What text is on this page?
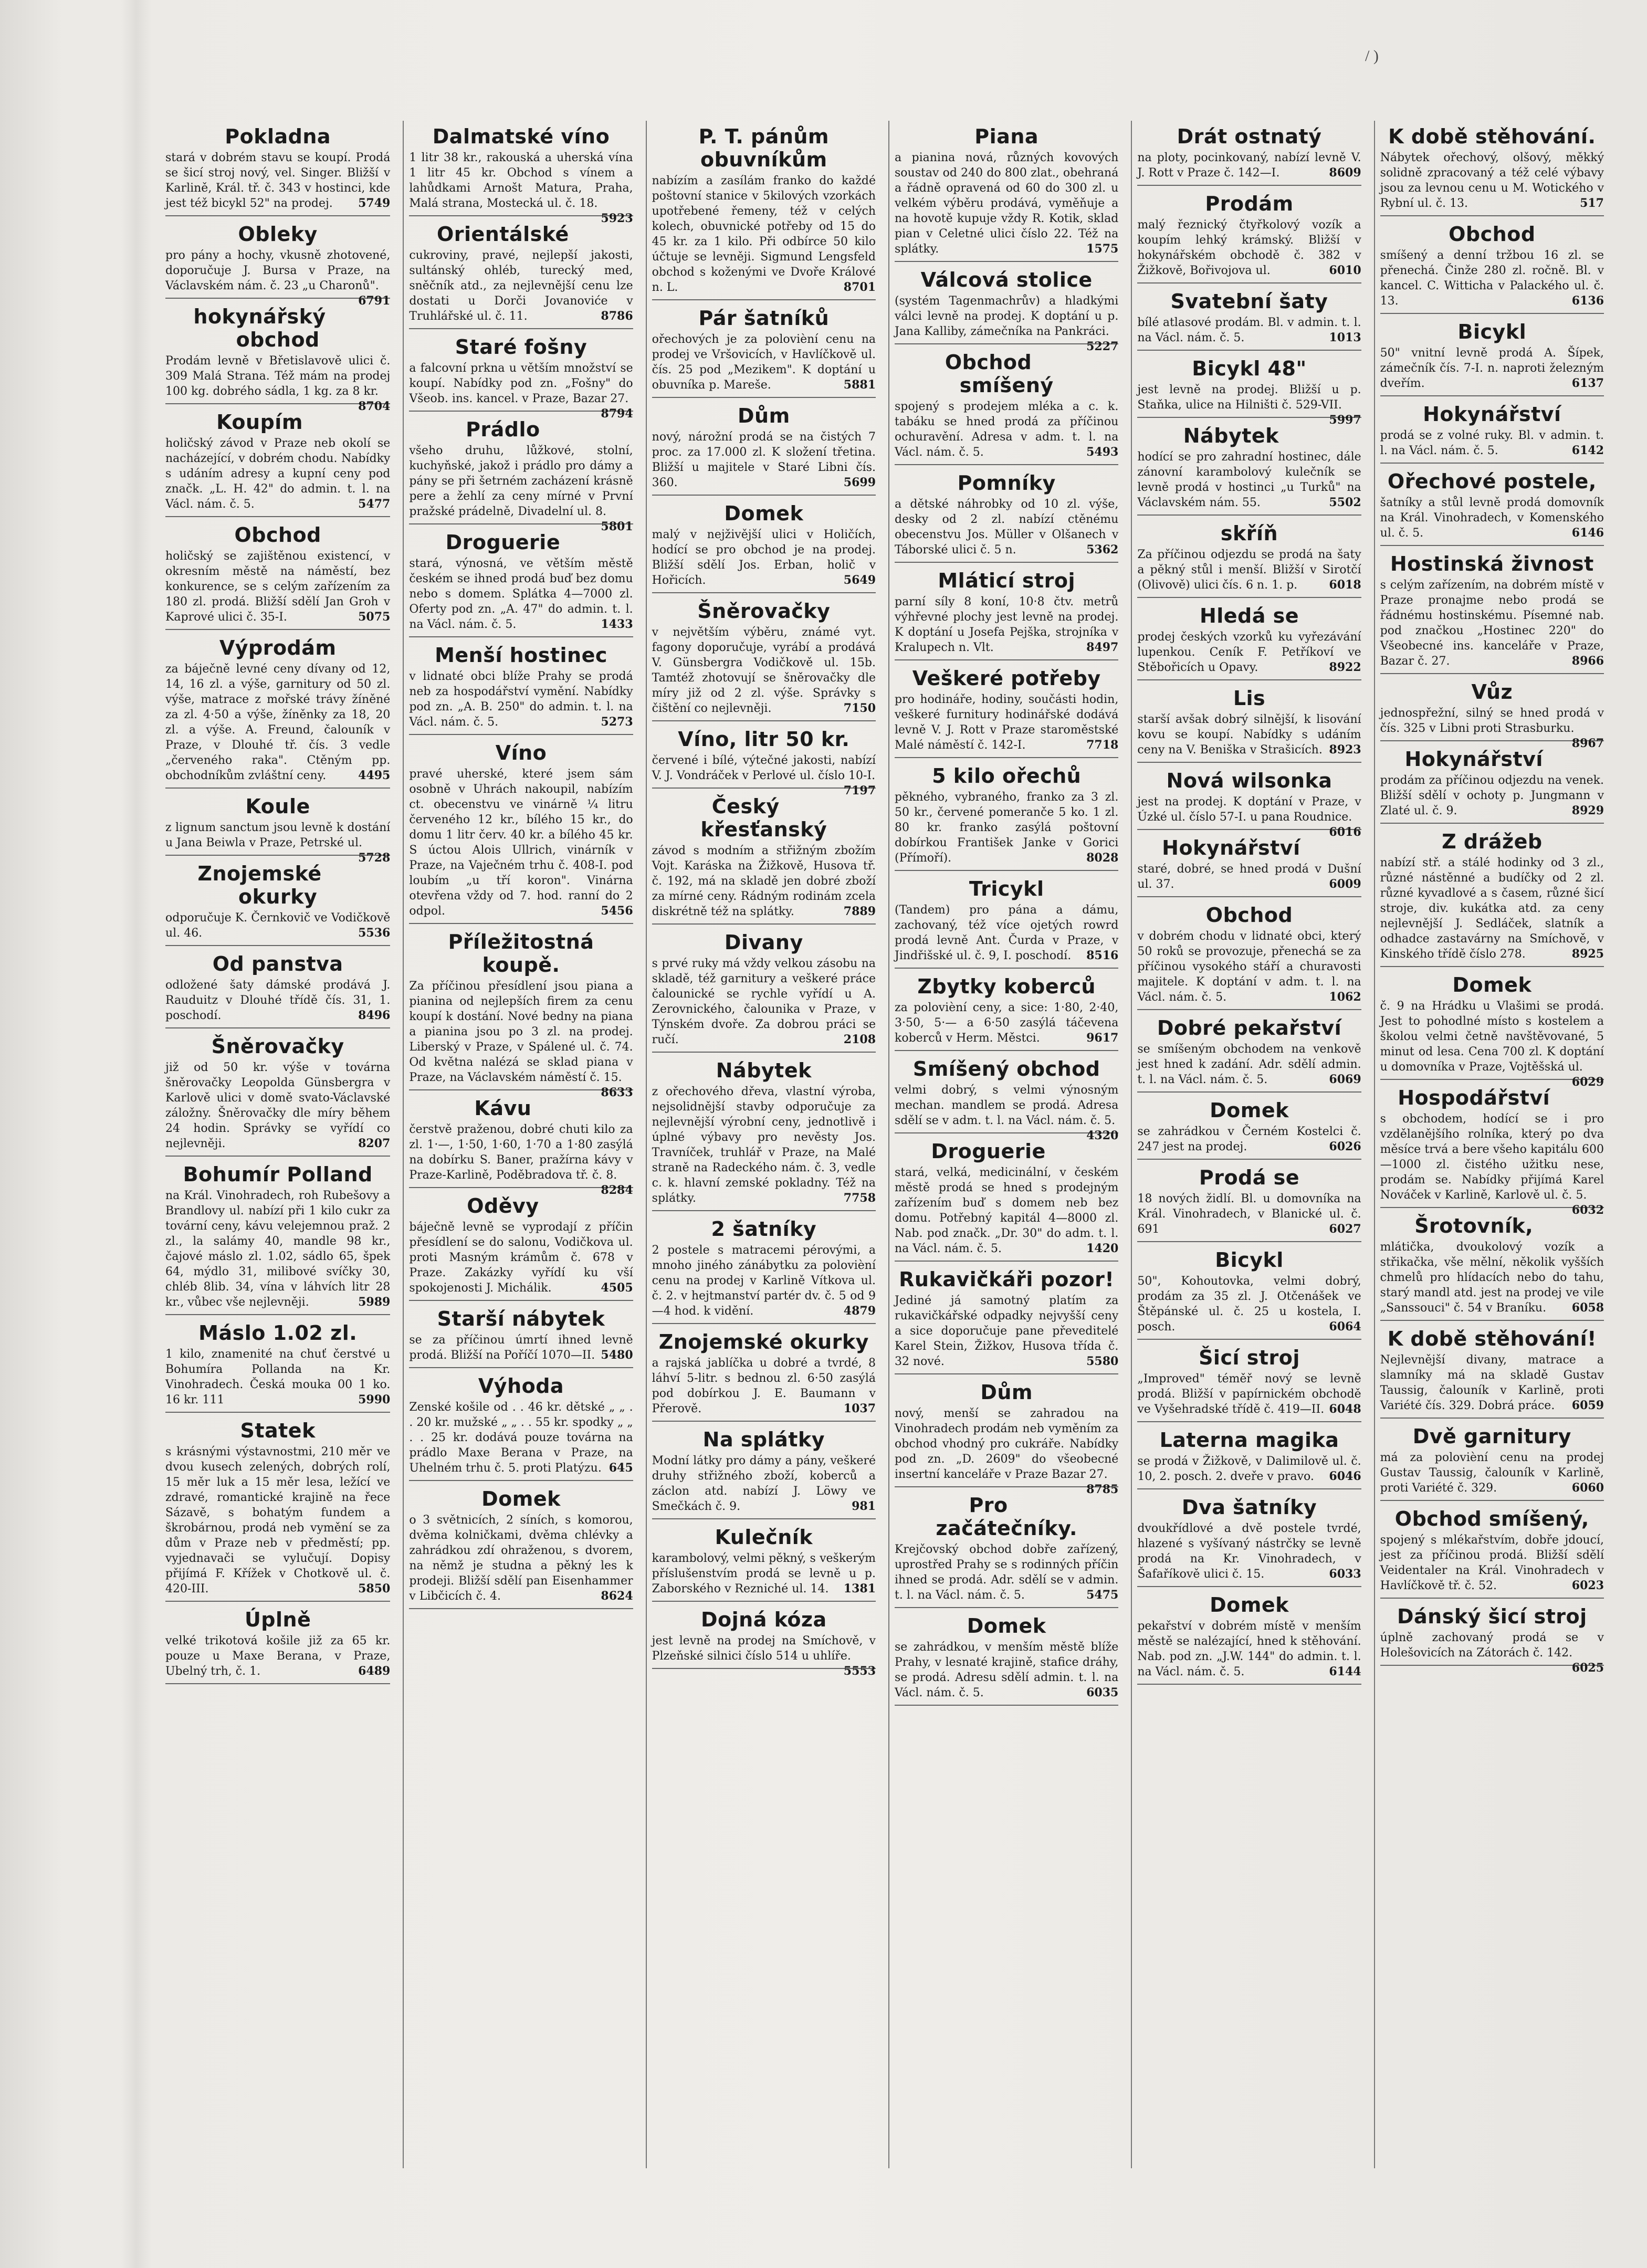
/ )
Pokladna
stará v dobrém stavu se koupí. Prodá se šicí stroj nový, vel. Singer. Bližší v Karlině, Král. tř. č. 343 v hostinci, kde jest též bicykl 52" na prodej. 5749
Obleky
pro pány a hochy, vkusně zhotovené, doporučuje J. Bursa v Praze, na Václavském nám. č. 23 „u Charonů".
6791
hokynářský obchod
Prodám levně v Břetislavově ulici č. 309 Malá Strana. Též mám na prodej 100 kg. dobrého sádla, 1 kg. za 8 kr.
8704
Koupím
holičský závod v Praze neb okolí se nacházející, v dobrém chodu. Nabídky s udáním adresy a kupní ceny pod značk. „L. H. 42" do admin. t. l. na Václ. nám. č. 5.	5477
Obchod
holičský se zajištěnou existencí, v okresním městě na náměstí, bez konkurence, se s celým zařízením za 180 zl. prodá. Bližší sdělí Jan Groh v Kaprové ulici č. 35-I.	5075
Výprodám
za báječně levné ceny dívany od 12, 14, 16 zl. a výše, garnitury od 50 zl. výše, matrace z mořské trávy žíněné za zl. 4·50 a výše, žíněnky za 18, 20 zl. a výše. A. Freund, čalouník v Praze, v Dlouhé tř. čís. 3 vedle „červeného raka". Ctěným pp. obchodníkům zvláštní ceny.	4495
Koule
z lignum sanctum jsou levně k dostání u Jana Beiwla v Praze, Petrské ul.
5728
Znojemské okurky
odporučuje K. Černkovič ve Vodičkově ul. 46.	5536
Od panstva
odložené šaty dámské prodává J. Rauduitz v Dlouhé třídě čís. 31, 1. poschodí.	8496
Šněrovačky
již od 50 kr. výše v továrna šněrovačky Leopolda Günsbergra v Karlově ulici v domě svato-Václavské záložny. Šněrovačky dle míry během 24 hodin. Správky se vyřídí co nejlevněji.	8207
Bohumír Polland
na Král. Vinohradech, roh Rubešovy a Brandlovy ul. nabízí při 1 kilo cukr za tovární ceny, kávu velejemnou praž. 2 zl., la salámy 40, mandle 98 kr., čajové máslo zl. 1.02, sádlo 65, špek 64, mýdlo 31, milibové svíčky 30, chléb 8lib. 34, vína v láhvích litr 28 kr., vůbec vše nejlevněji.	5989
Máslo 1.02 zl.
1 kilo, znamenité na chuť čerstvé u Bohumíra Pollanda na Kr. Vinohradech. Česká mouka 00 1 ko. 16 kr. 111	5990
Statek
s krásnými výstavnostmi, 210 měr ve dvou kusech zelených, dobrých rolí, 15 měr luk a 15 měr lesa, ležící ve zdravé, romantické krajině na řece Sázavě, s bohatým fundem a škrobárnou, prodá neb vymění se za dům v Praze neb v předměstí; pp. vyjednavači se vylučují. Dopisy přijímá F. Křížek v Chotkově ul. č. 420-III.	5850
Úplně
velké trikotová košile již za 65 kr. pouze u Maxe Berana, v Praze, Ubelný trh, č. 1.	6489
Dalmatské víno
1 litr 38 kr., rakouská a uherská vína 1 litr 45 kr. Obchod s vínem a lahůdkami Arnošt Matura, Praha, Malá strana, Mostecká ul. č. 18.
5923
Orientálské
cukroviny, pravé, nejlepší jakosti, sultánský ohléb, turecký med, sněčník atd., za nejlevnější cenu lze dostati u Dorči Jovanoviće v Truhlářské ul. č. 11.	8786
Staré fošny
a falcovní prkna u větším množství se koupí. Nabídky pod zn. „Fošny" do Všeob. ins. kancel. v Praze, Bazar 27.
8794
Prádlo
všeho druhu, lůžkové, stolní, kuchyňské, jakož i prádlo pro dámy a pány se při šetrném zacházení krásně pere a žehlí za ceny mírné v První pražské prádelně, Divadelní ul. 8.
5801
Droguerie
stará, výnosná, ve větším městě českém se ihned prodá buď bez domu nebo s domem. Splátka 4—7000 zl. Oferty pod zn. „A. 47" do admin. t. l. na Václ. nám. č. 5.	1433
Menší hostinec
v lidnaté obci blíže Prahy se prodá neb za hospodářství vymění. Nabídky pod zn. „A. B. 250" do admin. t. l. na Václ. nám. č. 5.	5273
Víno
pravé uherské, které jsem sám osobně v Uhrách nakoupil, nabízím ct. obecenstvu ve vinárně ¼ litru červeného 12 kr., bílého 15 kr., do domu 1 litr červ. 40 kr. a bílého 45 kr. S úctou Alois Ullrich, vinárník v Praze, na Vaječném trhu č. 408-I. pod loubím „u tří koron". Vinárna otevřena vždy od 7. hod. ranní do 2 odpol.	5456
Příležitostná koupě.
Za příčinou přesídlení jsou piana a pianina od nejlepších firem za cenu koupí k dostání. Nové bedny na piana a pianina jsou po 3 zl. na prodej. Liberský v Praze, v Spálené ul. č. 74. Od května nalézá se sklad piana v Praze, na Václavském náměstí č. 15.
8633
Kávu
čerstvě praženou, dobré chuti kilo za zl. 1·—, 1·50, 1·60, 1·70 a 1·80 zasýlá na dobírku S. Baner, pražírna kávy v Praze-Karlině, Poděbradova tř. č. 8.
8284
Oděvy
báječně levně se vyprodají z příčin přesídlení se do salonu, Vodičkova ul. proti Masným krámům č. 678 v Praze. Zakázky vyřídí ku vší spokojenosti J. Michálik.	4505
Starší nábytek
se za příčinou úmrtí ihned levně prodá. Bližší na Poříčí 1070—II. 5480
Výhoda
Zenské košile od . . 46 kr. dětské „ „ . . 20 kr. mužské „ „ . . 55 kr. spodky „ „ . . 25 kr. dodává pouze továrna na prádlo Maxe Berana v Praze, na Uhelném trhu č. 5. proti Platýzu. 645
Domek
o 3 světnicích, 2 síních, s komorou, dvěma kolničkami, dvěma chlévky a zahrádkou zdí ohraženou, s dvorem, na němž je studna a pěkný les k prodeji. Bližší sdělí pan Eisenhammer v Libčicích č. 4.	8624
P. T. pánům obuvníkům
nabízím a zasílám franko do každé poštovní stanice v 5kilových vzorkách upotřebené řemeny, též v celých kolech, obuvnické potřeby od 15 do 45 kr. za 1 kilo. Při odbírce 50 kilo účtuje se levněji. Sigmund Lengsfeld obchod s koženými ve Dvoře Králové n. L.	8701
Pár šatníků
ořechových je za polovièní cenu na prodej ve Vršovicích, v Havlíčkově ul. čís. 25 pod „Mezikem". K doptání u obuvníka p. Mareše.	5881
Dům
nový, nárožní prodá se na čistých 7 proc. za 17.000 zl. K složení třetina. Bližší u majitele v Staré Libni čís. 360.	5699
Domek
malý v nejživější ulici v Holičích, hodící se pro obchod je na prodej. Bližší sdělí Jos. Erban, holič v Hořicích.	5649
Šněrovačky
v největším výběru, známé vyt. fagony doporučuje, vyrábí a prodává V. Günsbergra Vodičkově ul. 15b. Tamtéž zhotovují se šněrovačky dle míry již od 2 zl. výše. Správky s čištění co nejlevněji.	7150
Víno, litr 50 kr.
červené i bílé, výtečné jakosti, nabízí V. J. Vondráček v Perlové ul. číslo 10-I.
7197
Český křesťanský
závod s modním a střižným zbožím Vojt. Karáska na Žižkově, Husova tř. č. 192, má na skladě jen dobré zboží za mírné ceny. Rádným rodinám zcela diskrétně též na splátky.	7889
Divany
s prvé ruky má vždy velkou zásobu na skladě, též garnitury a veškeré práce čalounické se rychle vyřídí u A. Zerovnického, čalounika v Praze, v Týnském dvoře. Za dobrou práci se ručí.	2108
Nábytek
z ořechového dřeva, vlastní výroba, nejsolidnější stavby odporučuje za nejlevnější výrobní ceny, jednotlivě i úplné výbavy pro nevěsty Jos. Travníček, truhlář v Praze, na Malé straně na Radeckého nám. č. 3, vedle c. k. hlavní zemské pokladny. Též na splátky.	7758
2 šatníky
2 postele s matracemi pérovými, a mnoho jiného zánábytku za polovièní cenu na prodej v Karlině Vítkova ul. č. 2. v hejtmanství partér dv. č. 5 od 9—4 hod. k vidění.	4879
Znojemské okurky
a rajská jablíčka u dobré a tvrdé, 8 láhví 5-litr. s bednou zl. 6·50 zasýlá pod dobírkou J. E. Baumann v Přerově.	1037
Na splátky
Modní látky pro dámy a pány, veškeré druhy střižného zboží, koberců a záclon atd. nabízí J. Löwy ve Smečkách č. 9.	981
Kulečník
karambolový, velmi pěkný, s veškerým příslušenstvím prodá se levně u p. Zaborského v Rezniché ul. 14. 1381
Dojná kóza
jest levně na prodej na Smíchově, v Plzeňské silnici číslo 514 u uhlíře.
5553
Piana
a pianina nová, různých kovových soustav od 240 do 800 zlat., obehraná a řádně opravená od 60 do 300 zl. u velkém výběru prodává, vyměňuje a na hovotě kupuje vždy R. Kotik, sklad pian v Celetné ulici číslo 22. Též na splátky.	1575
Válcová stolice
(systém Tagenmachrův) a hladkými válci levně na prodej. K doptání u p. Jana Kalliby, zámečníka na Pankráci.
5227
Obchod smíšený
spojený s prodejem mléka a c. k. tabáku se hned prodá za příčinou ochuravění. Adresa v adm. t. l. na Václ. nám. č. 5.	5493
Pomníky
a dětské náhrobky od 10 zl. výše, desky od 2 zl. nabízí ctěnému obecenstvu Jos. Müller v Olšanech v Táborské ulici č. 5 n.	5362
Mláticí stroj
parní síly 8 koní, 10·8 čtv. metrů výhřevné plochy jest levně na prodej. K doptání u Josefa Pejška, strojníka v Kralupech n. Vlt.	8497
Veškeré potřeby
pro hodináře, hodiny, součásti hodin, veškeré furnitury hodinářské dodává levně V. J. Rott v Praze staroměstské Malé náměstí č. 142-I.	7718
5 kilo ořechů
pěkného, vybraného, franko za 3 zl. 50 kr., červené pomeranče 5 ko. 1 zl. 80 kr. franko zasýlá poštovní dobírkou František Janke v Gorici (Přímoří).	8028
Tricykl
(Tandem) pro pána a dámu, zachovaný, též více ojetých rowrd prodá levně Ant. Čurda v Praze, v Jindřišské ul. č. 9, I. poschodí. 8516
Zbytky koberců
za polovièní ceny, a sice: 1·80, 2·40, 3·50, 5·— a 6·50 zasýlá táčevena koberců v Herm. Městci.	9617
Smíšený obchod
velmi dobrý, s velmi výnosným mechan. mandlem se prodá. Adresa sdělí se v adm. t. l. na Václ. nám. č. 5.
4320
Droguerie
stará, velká, medicinální, v českém městě prodá se hned s prodejným zařízením buď s domem neb bez domu. Potřebný kapitál 4—8000 zl. Nab. pod značk. „Dr. 30" do adm. t. l. na Václ. nám. č. 5.	1420
Rukavičkáři pozor!
Jediné já samotný platím za rukavičkářské odpadky nejvyšší ceny a sice doporučuje pane převeditelé Karel Stein, Žižkov, Husova třída č. 32 nové.	5580
Dům
nový, menší se zahradou na Vinohradech prodám neb vyměním za obchod vhodný pro cukráře. Nabídky pod zn. „D. 2609" do všeobecné insertní kanceláře v Praze Bazar 27.
8785
Pro začátečníky.
Krejčovský obchod dobře zařízený, uprostřed Prahy se s rodinných příčin ihned se prodá. Adr. sdělí se v admin. t. l. na Václ. nám. č. 5.	5475
Domek
se zahrádkou, v menším městě blíže Prahy, v lesnaté krajině, stafice dráhy, se prodá. Adresu sdělí admin. t. l. na Václ. nám. č. 5.	6035
Drát ostnatý
na ploty, pocinkovaný, nabízí levně V. J. Rott v Praze č. 142—I.	8609
Prodám
malý řeznický čtyřkolový vozík a koupím lehký krámský. Bližší v hokynářském obchodě č. 382 v Žižkově, Bořivojova ul.	6010
Svatební šaty
bílé atlasové prodám. Bl. v admin. t. l. na Václ. nám. č. 5.	1013
Bicykl 48"
jest levně na prodej. Bližší u p. Staňka, ulice na Hilništi č. 529-VII.
5997
Nábytek
hodící se pro zahradní hostinec, dále zánovní karambolový kulečník se levně prodá v hostinci „u Turků" na Václavském nám. 55.	5502
skříň
Za příčinou odjezdu se prodá na šaty a pěkný stůl i menší. Bližší v Sirotčí (Olivově) ulici čís. 6 n. 1. p.	6018
Hledá se
prodej českých vzorků ku vyřezávání lupenkou. Ceník F. Petříkoví ve Stěbořicích u Opavy.	8922
Lis
starší avšak dobrý silnější, k lisování kovu se koupí. Nabídky s udáním ceny na V. Beniška v Strašicích. 8923
Nová wilsonka
jest na prodej. K doptání v Praze, v Úzké ul. číslo 57-I. u pana Roudnice.
6016
Hokynářství
staré, dobré, se hned prodá v Dušní ul. 37.	6009
Obchod
v dobrém chodu v lidnaté obci, který 50 roků se provozuje, přenechá se za příčinou vysokého stáří a churavosti majitele. K doptání v adm. t. l. na Václ. nám. č. 5.	1062
Dobré pekařství
se smíšeným obchodem na venkově jest hned k zadání. Adr. sdělí admin. t. l. na Václ. nám. č. 5.	6069
Domek
se zahrádkou v Černém Kostelci č. 247 jest na prodej.	6026
Prodá se
18 nových židlí. Bl. u domovníka na Král. Vinohradech, v Blanické ul. č. 691	6027
Bicykl
50", Kohoutovka, velmi dobrý, prodám za 35 zl. J. Otčenášek ve Štěpánské ul. č. 25 u kostela, I. posch.	6064
Šicí stroj
„Improved" téměř nový se levně prodá. Bližší v papírnickém obchodě ve Vyšehradské třídě č. 419—II. 6048
Laterna magika
se prodá v Žižkově, v Dalimilově ul. č. 10, 2. posch. 2. dveře v pravo. 6046
Dva šatníky
dvoukřídlové a dvě postele tvrdé, hlazené s vyšívaný nástrčky se levně prodá na Kr. Vinohradech, v Šafaříkově ulici č. 15.	6033
Domek
pekařství v dobrém místě v menším městě se nalézající, hned k stěhování. Nab. pod zn. „J.W. 144" do admin. t. l. na Václ. nám. č. 5.	6144
K době stěhování.
Nábytek ořechový, olšový, měkký solidně zpracovaný a též celé výbavy jsou za levnou cenu u M. Wotického v Rybní ul. č. 13.	517
Obchod
smíšený a denní tržbou 16 zl. se přenechá. Činže 280 zl. ročně. Bl. v kancel. C. Witticha v Palackého ul. č. 13.	6136
Bicykl
50" vnitní levně prodá A. Šípek, zámečník čís. 7-I. n. naproti železným dveřím.	6137
Hokynářství
prodá se z volné ruky. Bl. v admin. t. l. na Václ. nám. č. 5.	6142
Ořechové postele,
šatníky a stůl levně prodá domovník na Král. Vinohradech, v Komenského ul. č. 5.	6146
Hostinská živnost
s celým zařízením, na dobrém místě v Praze pronajme nebo prodá se řádnému hostinskému. Písemné nab. pod značkou „Hostinec 220" do Všeobecné ins. kanceláře v Praze, Bazar č. 27.	8966
Vůz
jednospřežní, silný se hned prodá v čís. 325 v Libni proti Strasburku.
8967
Hokynářství
prodám za příčinou odjezdu na venek. Bližší sdělí v ochoty p. Jungmann v Zlaté ul. č. 9.	8929
Z drážeb
nabízí stř. a stálé hodinky od 3 zl., různé nástěnné a budíčky od 2 zl. různé kyvadlové a s časem, různé šicí stroje, div. kukátka atd. za ceny nejlevnější J. Sedláček, slatník a odhadce zastavárny na Smíchově, v Kinského třídě číslo 278.	8925
Domek
č. 9 na Hrádku u Vlašimi se prodá. Jest to pohodlné místo s kostelem a školou velmi četně navštěvované, 5 minut od lesa. Cena 700 zl. K doptání u domovníka v Praze, Vojtěšská ul.
6029
Hospodářství
s obchodem, hodící se i pro vzdělanějšího rolníka, který po dva měsíce trvá a bere všeho kapitálu 600—1000 zl. čistého užitku nese, prodám se. Nabídky přijímá Karel Nováček v Karlině, Karlově ul. č. 5.
6032
Šrotovník,
mlátička, dvoukolový vozík a střikačka, vše mělní, několik vyšších chmelů pro hlídacích nebo do tahu, starý mandl atd. jest na prodej ve vile „Sanssouci" č. 54 v Braníku. 6058
K době stěhování!
Nejlevnější divany, matrace a slamníky má na skladě Gustav Taussig, čalouník v Karlině, proti Variété čís. 329. Dobrá práce. 6059
Dvě garnitury
má za polovièní cenu na prodej Gustav Taussig, čalouník v Karlině, proti Variété č. 329.	6060
Obchod smíšený,
spojený s mlékařstvím, dobře jdoucí, jest za příčinou prodá. Bližší sdělí Veidentaler na Král. Vinohradech v Havlíčkově tř. č. 52.	6023
Dánský šicí stroj
úplně zachovaný prodá se v Holešovicích na Zátorách č. 142.
6025
